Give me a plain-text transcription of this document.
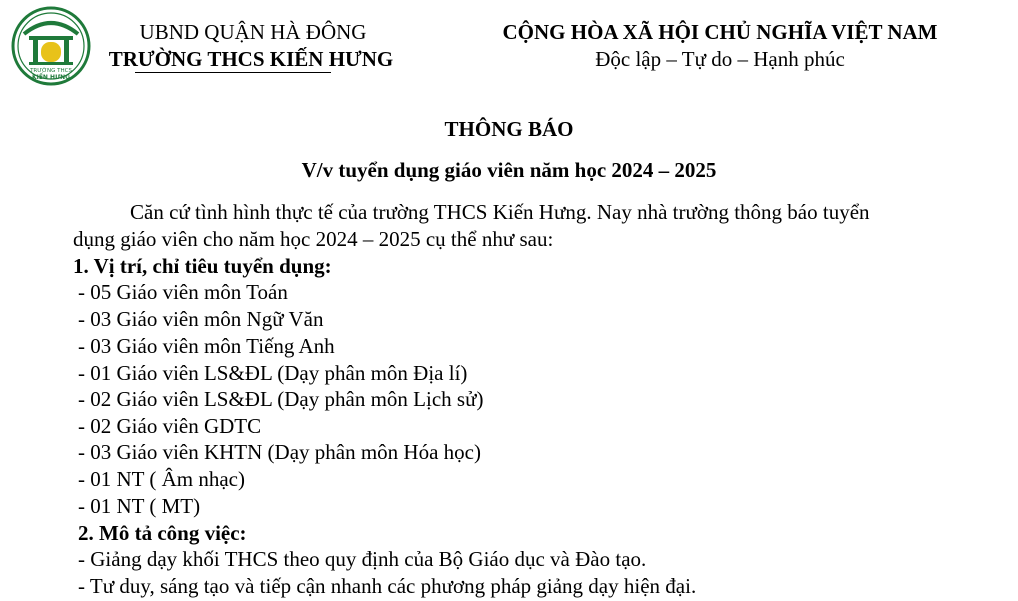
TRƯỜNG THCS
KIẾN HƯNG
UBND QUẬN HÀ ĐÔNG
TRƯỜNG THCS KIẾN HƯNG
CỘNG HÒA XÃ HỘI CHỦ NGHĨA VIỆT NAM
Độc lập – Tự do – Hạnh phúc
THÔNG BÁO
V/v tuyển dụng giáo viên năm học 2024 – 2025
Căn cứ tình hình thực tế của trường THCS Kiến Hưng. Nay nhà trường thông báo tuyển
dụng giáo viên cho năm học 2024 – 2025 cụ thể như sau:
1. Vị trí, chỉ tiêu tuyển dụng:
- 05 Giáo viên môn Toán
- 03 Giáo viên môn Ngữ Văn
- 03 Giáo viên môn Tiếng Anh
- 01 Giáo viên LS&ĐL (Dạy phân môn Địa lí)
- 02 Giáo viên LS&ĐL (Dạy phân môn Lịch sử)
- 02 Giáo viên GDTC
- 03 Giáo viên KHTN (Dạy phân môn Hóa học)
- 01 NT ( Âm nhạc)
- 01 NT ( MT)
2. Mô tả công việc:
- Giảng dạy khối THCS theo quy định của Bộ Giáo dục và Đào tạo.
- Tư duy, sáng tạo và tiếp cận nhanh các phương pháp giảng dạy hiện đại.
